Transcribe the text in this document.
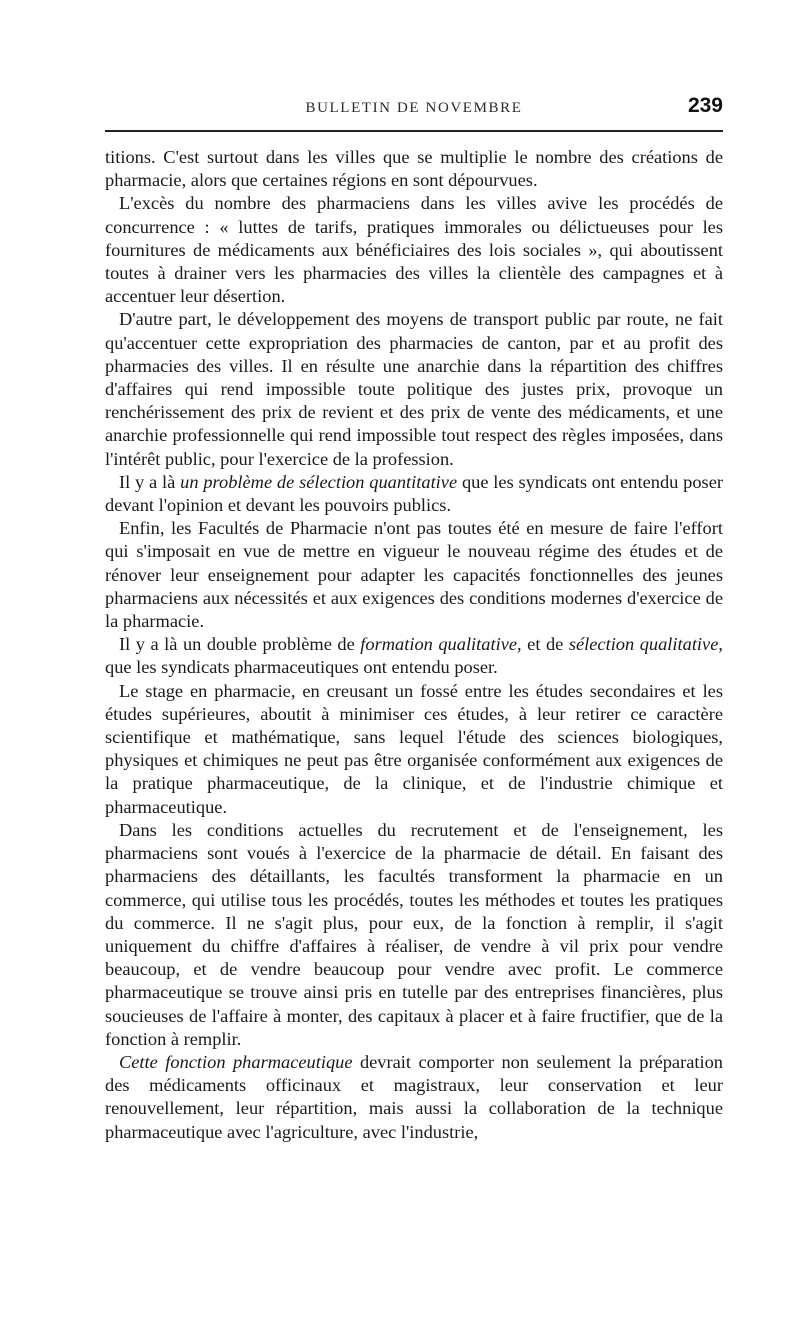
BULLETIN DE NOVEMBRE	239

titions. C'est surtout dans les villes que se multiplie le nombre des créations de pharmacie, alors que certaines régions en sont dépourvues.

L'excès du nombre des pharmaciens dans les villes avive les procédés de concurrence : « luttes de tarifs, pratiques immorales ou délictueuses pour les fournitures de médicaments aux bénéficiaires des lois sociales », qui aboutissent toutes à drainer vers les pharmacies des villes la clientèle des campagnes et à accentuer leur désertion.

D'autre part, le développement des moyens de transport public par route, ne fait qu'accentuer cette expropriation des pharmacies de canton, par et au profit des pharmacies des villes. Il en résulte une anarchie dans la répartition des chiffres d'affaires qui rend impossible toute politique des justes prix, provoque un renchérissement des prix de revient et des prix de vente des médicaments, et une anarchie professionnelle qui rend impossible tout respect des règles imposées, dans l'intérêt public, pour l'exercice de la profession.

Il y a là un problème de sélection quantitative que les syndicats ont entendu poser devant l'opinion et devant les pouvoirs publics.

Enfin, les Facultés de Pharmacie n'ont pas toutes été en mesure de faire l'effort qui s'imposait en vue de mettre en vigueur le nouveau régime des études et de rénover leur enseignement pour adapter les capacités fonctionnelles des jeunes pharmaciens aux nécessités et aux exigences des conditions modernes d'exercice de la pharmacie.

Il y a là un double problème de formation qualitative, et de sélection qualitative, que les syndicats pharmaceutiques ont entendu poser.

Le stage en pharmacie, en creusant un fossé entre les études secondaires et les études supérieures, aboutit à minimiser ces études, à leur retirer ce caractère scientifique et mathématique, sans lequel l'étude des sciences biologiques, physiques et chimiques ne peut pas être organisée conformément aux exigences de la pratique pharmaceutique, de la clinique, et de l'industrie chimique et pharmaceutique.

Dans les conditions actuelles du recrutement et de l'enseignement, les pharmaciens sont voués à l'exercice de la pharmacie de détail. En faisant des pharmaciens des détaillants, les facultés transforment la pharmacie en un commerce, qui utilise tous les procédés, toutes les méthodes et toutes les pratiques du commerce. Il ne s'agit plus, pour eux, de la fonction à remplir, il s'agit uniquement du chiffre d'affaires à réaliser, de vendre à vil prix pour vendre beaucoup, et de vendre beaucoup pour vendre avec profit. Le commerce pharmaceutique se trouve ainsi pris en tutelle par des entreprises financières, plus soucieuses de l'affaire à monter, des capitaux à placer et à faire fructifier, que de la fonction à remplir.

Cette fonction pharmaceutique devrait comporter non seulement la préparation des médicaments officinaux et magistraux, leur conservation et leur renouvellement, leur répartition, mais aussi la collaboration de la technique pharmaceutique avec l'agriculture, avec l'industrie,
